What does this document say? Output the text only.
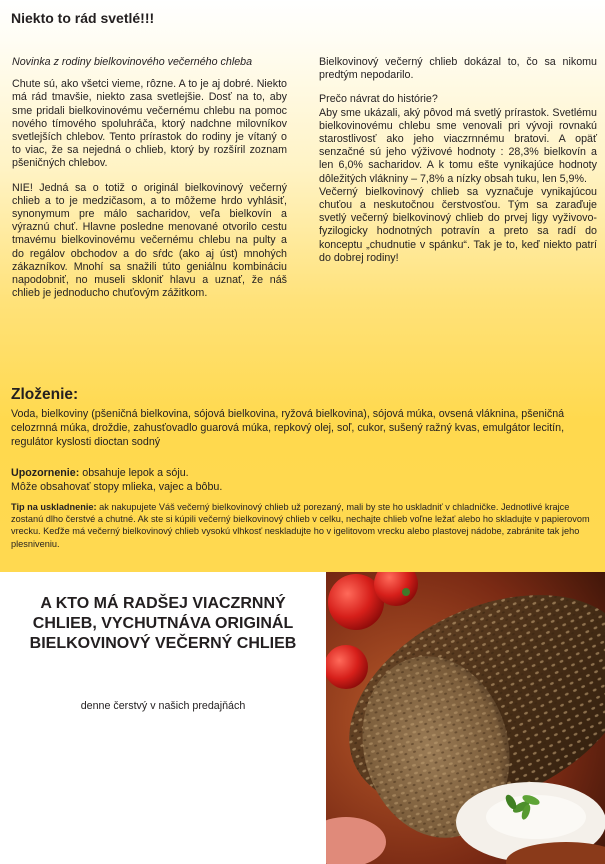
Niekto to rád svetlé!!!

Novinka z rodiny bielkovinového večerného chleba

Chute sú, ako všetci vieme, rôzne. A to je aj dobré. Niekto má rád tmavšie, niekto zasa svetlejšie. Dosť na to, aby sme pridali bielkovinovému večernému chlebu na pomoc nového tímového spoluhráča, ktorý nadchne milovníkov svetlejších chlebov. Tento prírastok do rodiny je vítaný o to viac, že sa nejedná o chlieb, ktorý by rozšíril zoznam pšeničných chlebov.

NIE! Jedná sa o totiž o originál bielkovinový večerný chlieb a to je medzičasom, a to môžeme hrdo vyhlásiť, synonymum pre málo sacharidov, veľa bielkovín a výraznú chuť. Hlavne posledne menované otvorilo cestu tmavému bielkovinovému večernému chlebu na pulty a do regálov obchodov a do sŕdc (ako aj úst) mnohých zákazníkov. Mnohí sa snažili túto geniálnu kombináciu napodobniť, no museli skloniť hlavu a uznať, že náš chlieb je jednoducho chuťovým zážitkom.

Bielkovinový večerný chlieb dokázal to, čo sa nikomu predtým nepodarilo.

Prečo návrat do histórie?

Aby sme ukázali, aký pôvod má svetlý prírastok. Svetlému bielkovinovému chlebu sme venovali pri vývoji rovnakú starostlivosť ako jeho viaczrnnému bratovi. A opäť senzačné sú jeho výživové hodnoty : 28,3% bielkovín a len 6,0% sacharidov. A k tomu ešte vynikajúce hodnoty dôležitých vlákniny – 7,8% a nízky obsah tuku, len 5,9%.

Večerný bielkovinový chlieb sa vyznačuje vynikajúcou chuťou a neskutočnou čerstvosťou. Tým sa zaraďuje svetlý večerný bielkovinový chlieb do prvej ligy vyživovo-fyzilogicky hodnotných potravín a preto sa radí do konceptu „chudnutie v spánku“. Tak je to, keď niekto patrí do dobrej rodiny!

Zloženie:
Voda, bielkoviny (pšeničná bielkovina, sójová bielkovina, ryžová bielkovina), sójová múka, ovsená vláknina, pšeničná celozrnná múka, droždie, zahusťovadlo guarová múka, repkový olej, soľ, cukor, sušený ražný kvas, emulgátor lecitín, regulátor kyslosti dioctan sodný
Upozornenie: obsahuje lepok a sóju.
Môže obsahovať stopy mlieka, vajec a bôbu.
Tip na uskladnenie: ak nakupujete Váš večerný bielkovinový chlieb už porezaný, mali by ste ho uskladniť v chladničke. Jednotlivé krajce zostanú dlho čerstvé a chutné. Ak ste si kúpili večerný bielkovinový chlieb v celku, nechajte chlieb voľne ležať alebo ho skladujte v papierovom vrecku. Keďže má večerný bielkovinový chlieb vysokú vlhkosť neskladujte ho v igelitovom vrecku alebo plastovej nádobe, zabránite tak jeho plesniveniu.
A KTO MÁ RADŠEJ VIACZRNNÝ CHLIEB, VYCHUTNÁVA ORIGINÁL BIELKOVINOVÝ VEČERNÝ CHLIEB
denne čerstvý v našich predajňách
